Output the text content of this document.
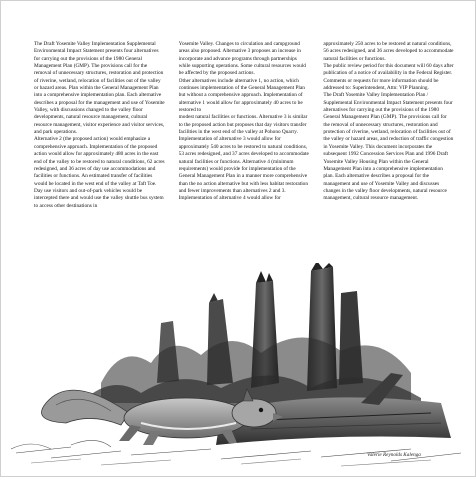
The Draft Yosemite Valley Implementation Supplemental Environmental Impact Statement presents four alternatives for carrying out the provisions of the 1980 General Management Plan (GMP). The provisions call for the removal of unnecessary structures, restoration and protection of riverine, wetland, relocation of facilities out of the valley or hazard areas. Plan within the General Management Plan into a comprehensive implementation plan. Each alternative describes a proposal for the management and use of Yosemite Valley, with discussions changed to the valley floor developments, natural resource management, cultural resource management, visitor experience and visitor services, and park operations.

Alternative 2 (the proposed action) would emphasize a comprehensive approach. Implementation of the proposed action would allow for approximately 480 acres in the east end of the valley to be restored to natural conditions, 62 acres redesigned, and 36 acres of day use accommodations and facilities or functions. An estimated transfer of facilities would be located in the west end of the valley at Taft Toe. Day use visitors and out-of-park vehicles would be intercepted there and would use the valley shuttle bus system to access other destinations in

Yosemite Valley. Changes to circulation and campground areas also proposed. Alternative 3 proposes an increase in incorporate and advance programs through partnerships while supporting operations. Some cultural resources would be affected by the proposed actions.

Other alternatives include alternative 1, no action, which continues implementation of the General Management Plan but without a comprehensive approach. Implementation of alternative 1 would allow for approximately 40 acres to be restored to

modest natural facilities or functions. Alternative 3 is similar to the proposed action but proposes that day visitors transfer facilities in the west end of the valley at Pohono Quarry. Implementation of alternative 3 would allow for approximately 540 acres to be restored to natural conditions, 53 acres redesigned, and 37 acres developed to accommodate natural facilities or functions. Alternative 4 (minimum requirements) would provide for implementation of the General Management Plan in a manner more comprehensive than the no action alternative but with less habitat restoration and fewer improvements than alternatives 2 and 3. Implementation of alternative 4 would allow for

approximately 250 acres to be restored at natural conditions, 56 acres redesigned, and 36 acres developed to accommodate natural facilities or functions.

The public review period for this document will 60 days after publication of a notice of availability in the Federal Register. Comments or requests for more information should be addressed to: Superintendent, Attn: VIP Planning.

The Draft Yosemite Valley Implementation Plan / Supplemental Environmental Impact Statement presents four alternatives for carrying out the provisions of the 1980 General Management Plan (GMP). The provisions call for the removal of unnecessary structures, restoration and protection of riverine, wetland, relocation of facilities out of the valley or hazard areas, and reduction of traffic congestion in Yosemite Valley. This document incorporates the subsequent 1992 Concession Services Plan and 1996 Draft Yosemite Valley Housing Plan within the General Management Plan into a comprehensive implementation plan. Each alternative describes a proposal for the management and use of Yosemite Valley and discusses changes in the valley floor developments, natural resource management, cultural resource management.

Valerie Reynolds Kalenga
